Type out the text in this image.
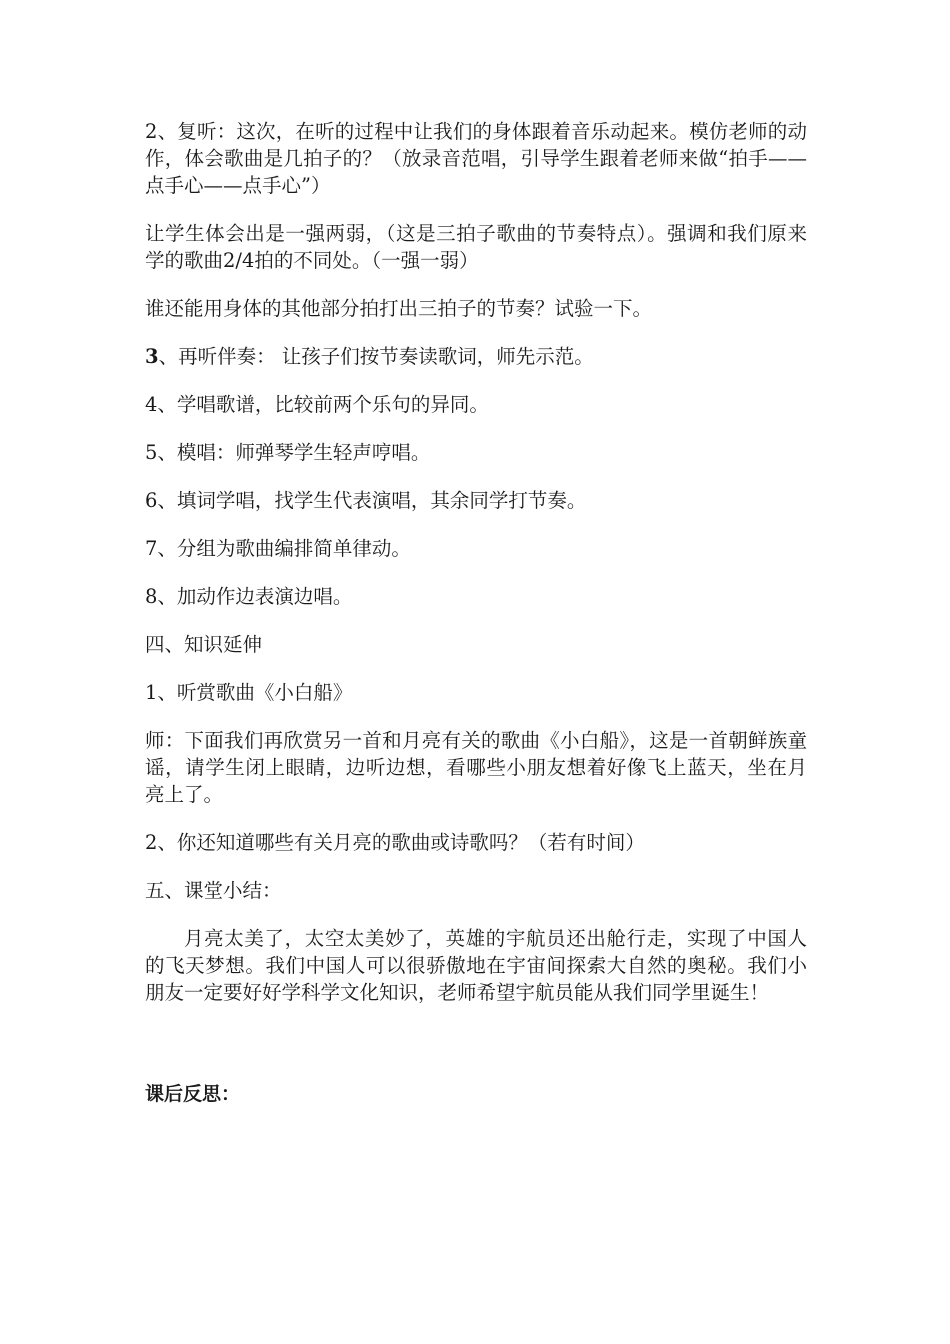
2、复听：这次，在听的过程中让我们的身体跟着音乐动起来。模仿老师的动作，体会歌曲是几拍子的？（放录音范唱，引导学生跟着老师来做“拍手——点手心——点手心”）

让学生体会出是一强两弱，（这是三拍子歌曲的节奏特点）。强调和我们原来学的歌曲2/4拍的不同处。（一强一弱）

谁还能用身体的其他部分拍打出三拍子的节奏？试验一下。

3、再听伴奏： 让孩子们按节奏读歌词，师先示范。

4、学唱歌谱，比较前两个乐句的异同。

5、模唱：师弹琴学生轻声哼唱。

6、填词学唱，找学生代表演唱，其余同学打节奏。

7、分组为歌曲编排简单律动。

8、加动作边表演边唱。

四、知识延伸

1、听赏歌曲《小白船》

师：下面我们再欣赏另一首和月亮有关的歌曲《小白船》，这是一首朝鲜族童谣，请学生闭上眼睛，边听边想，看哪些小朋友想着好像飞上蓝天，坐在月亮上了。

2、你还知道哪些有关月亮的歌曲或诗歌吗？（若有时间）

五、课堂小结：

月亮太美了，太空太美妙了，英雄的宇航员还出舱行走，实现了中国人的飞天梦想。我们中国人可以很骄傲地在宇宙间探索大自然的奥秘。我们小朋友一定要好好学科学文化知识，老师希望宇航员能从我们同学里诞生！

课后反思：
